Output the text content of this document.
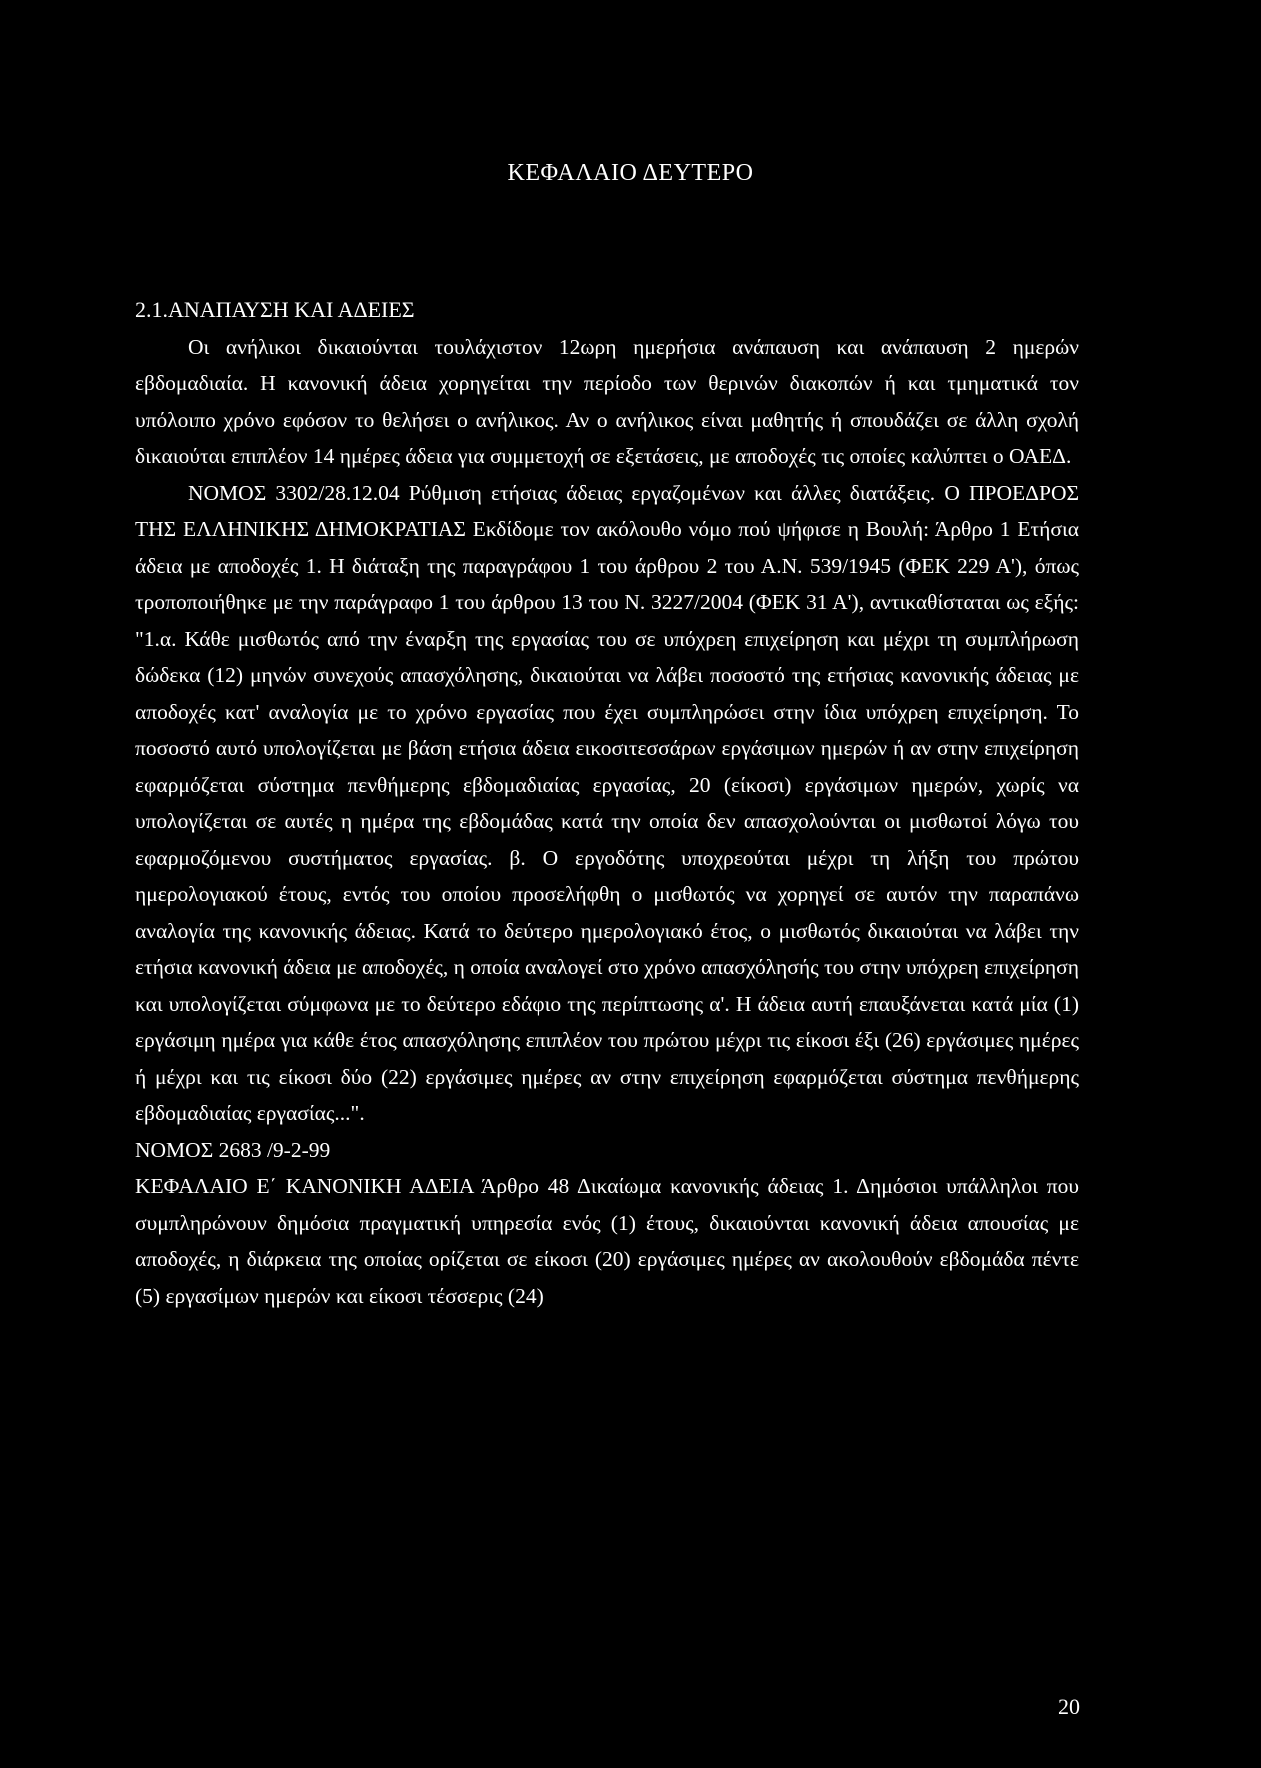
ΚΕΦΑΛΑΙΟ ΔΕΥΤΕΡΟ
2.1.ΑΝΑΠΑΥΣΗ ΚΑΙ ΑΔΕΙΕΣ

Οι ανήλικοι δικαιούνται τουλάχιστον 12ωρη ημερήσια ανάπαυση και ανάπαυση 2 ημερών εβδομαδιαία. Η κανονική άδεια χορηγείται την περίοδο των θερινών διακοπών ή και τμηματικά τον υπόλοιπο χρόνο εφόσον το θελήσει ο ανήλικος. Αν ο ανήλικος είναι μαθητής ή σπουδάζει σε άλλη σχολή δικαιούται επιπλέον 14 ημέρες άδεια για συμμετοχή σε εξετάσεις, με αποδοχές τις οποίες καλύπτει ο ΟΑΕΔ.

ΝΟΜΟΣ 3302/28.12.04 Ρύθμιση ετήσιας άδειας εργαζομένων και άλλες διατάξεις. Ο ΠΡΟΕΔΡΟΣ ΤΗΣ ΕΛΛΗΝΙΚΗΣ ΔΗΜΟΚΡΑΤΙΑΣ Εκδίδομε τον ακόλουθο νόμο πού ψήφισε η Βουλή: Άρθρο 1 Ετήσια άδεια με αποδοχές 1. Η διάταξη της παραγράφου 1 του άρθρου 2 του Α.Ν. 539/1945 (ΦΕΚ 229 Α'), όπως τροποποιήθηκε με την παράγραφο 1 του άρθρου 13 του Ν. 3227/2004 (ΦΕΚ 31 Α'), αντικαθίσταται ως εξής: "1.α. Κάθε μισθωτός από την έναρξη της εργασίας του σε υπόχρεη επιχείρηση και μέχρι τη συμπλήρωση δώδεκα (12) μηνών συνεχούς απασχόλησης, δικαιούται να λάβει ποσοστό της ετήσιας κανονικής άδειας με αποδοχές κατ' αναλογία με το χρόνο εργασίας που έχει συμπληρώσει στην ίδια υπόχρεη επιχείρηση. Το ποσοστό αυτό υπολογίζεται με βάση ετήσια άδεια εικοσιτεσσάρων εργάσιμων ημερών ή αν στην επιχείρηση εφαρμόζεται σύστημα πενθήμερης εβδομαδιαίας εργασίας, 20 (είκοσι) εργάσιμων ημερών, χωρίς να υπολογίζεται σε αυτές η ημέρα της εβδομάδας κατά την οποία δεν απασχολούνται οι μισθωτοί λόγω του εφαρμοζόμενου συστήματος εργασίας. β. Ο εργοδότης υποχρεούται μέχρι τη λήξη του πρώτου ημερολογιακού έτους, εντός του οποίου προσελήφθη ο μισθωτός να χορηγεί σε αυτόν την παραπάνω αναλογία της κανονικής άδειας. Κατά το δεύτερο ημερολογιακό έτος, ο μισθωτός δικαιούται να λάβει την ετήσια κανονική άδεια με αποδοχές, η οποία αναλογεί στο χρόνο απασχόλησής του στην υπόχρεη επιχείρηση και υπολογίζεται σύμφωνα με το δεύτερο εδάφιο της περίπτωσης α'. Η άδεια αυτή επαυξάνεται κατά μία (1) εργάσιμη ημέρα για κάθε έτος απασχόλησης επιπλέον του πρώτου μέχρι τις είκοσι έξι (26) εργάσιμες ημέρες ή μέχρι και τις είκοσι δύο (22) εργάσιμες ημέρες αν στην επιχείρηση εφαρμόζεται σύστημα πενθήμερης εβδομαδιαίας εργασίας...".

ΝΟΜΟΣ 2683 /9-2-99

ΚΕΦΑΛΑΙΟ Ε΄ ΚΑΝΟΝΙΚΗ ΑΔΕΙΑ Άρθρο 48 Δικαίωμα κανονικής άδειας 1. Δημόσιοι υπάλληλοι που συμπληρώνουν δημόσια πραγματική υπηρεσία ενός (1) έτους, δικαιούνται κανονική άδεια απουσίας με αποδοχές, η διάρκεια της οποίας ορίζεται σε είκοσι (20) εργάσιμες ημέρες αν ακολουθούν εβδομάδα πέντε (5) εργασίμων ημερών και είκοσι τέσσερις (24)

20
